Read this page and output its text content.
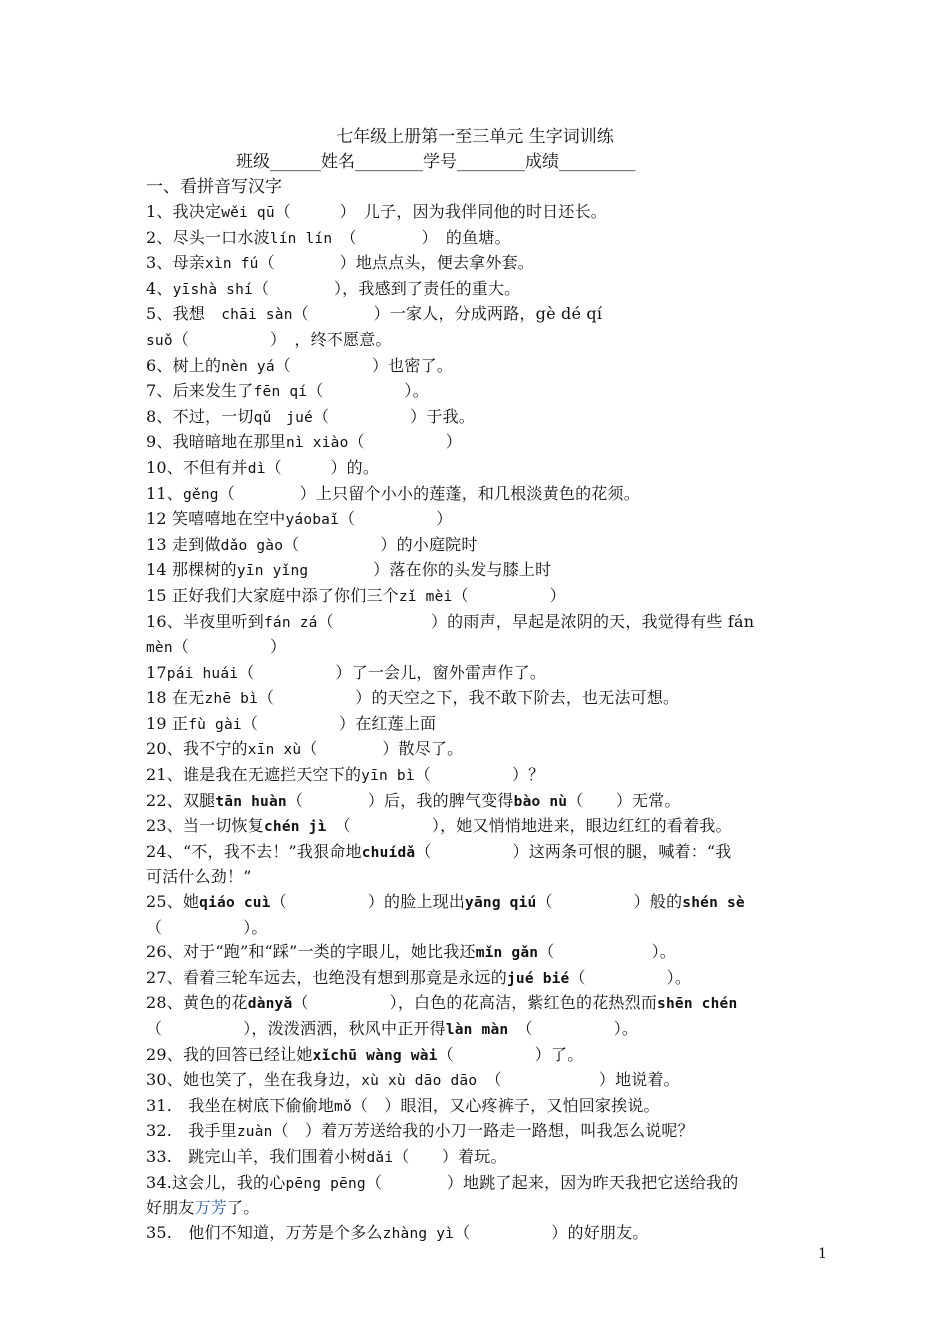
七年级上册第一至三单元 生字词训练
班级______姓名________学号________成绩_________
一、看拼音写汉字
1、我决定wěi qū（　　　）　儿子，因为我伴同他的时日还长。
2、尽头一口水波lín lín　（　　　　）　的鱼塘。
3、母亲xìn fú（　　　　）地点点头，便去拿外套。
4、yīshà shí（　　　　），我感到了责任的重大。
5、我想　chāi sàn（　　　　）一家人，分成两路，gè dé qí
suǒ（　　　　　）　，终不愿意。
6、树上的nèn yá（　　　　　）也密了。
7、后来发生了fēn qí（　　　　　）。
8、不过，一切qǔ　jué（　　　　　）于我。
9、我暗暗地在那里nì xiào（　　　　　）
10、不但有并dì（　　　）的。
11、gěng（　　　　）上只留个小小的莲蓬，和几根淡黄色的花须。
12 笑嘻嘻地在空中yáobaǐ（　　　　　）
13 走到做dǎo gào（　　　　　）的小庭院时
14 那棵树的yīn yǐng　　　　）落在你的头发与膝上时
15 正好我们大家庭中添了你们三个zǐ mèi（　　　　　）
16、半夜里听到fán zá（　　　　　　）的雨声，早起是浓阴的天，我觉得有些 fán
mèn（　　　　　）
17pái huái（　　　　　）了一会儿，窗外雷声作了。
18 在无zhē bì（　　　　　）的天空之下，我不敢下阶去，也无法可想。
19 正fù gài（　　　　　）在红莲上面
20、我不宁的xīn xù（　　　　）散尽了。
21、谁是我在无遮拦天空下的yīn bì（　　　　　）？
22、双腿tān huàn（　　　　）后，我的脾气变得bào nù（　　）无常。
23、当一切恢复chén jì　（　　　　　），她又悄悄地进来，眼边红红的看着我。
24、“不，我不去！”我狠命地chuídǎ（　　　　　）这两条可恨的腿，喊着：“我
可活什么劲！”
25、她qiáo cuì（　　　　　）的脸上现出yāng qiú（　　　　　）般的shén sè
（　　　　　）。
26、对于“跑”和“踩”一类的字眼儿，她比我还mǐn gǎn（　　　　　　）。
27、看着三轮车远去，也绝没有想到那竟是永远的jué bié（　　　　　）。
28、黄色的花dànyǎ（　　　　　），白色的花高洁，紫红色的花热烈而shēn chén
（　　　　　），泼泼洒洒，秋风中正开得làn màn　（　　　　　）。
29、我的回答已经让她xǐchū wàng wài（　　　　　）了。
30、她也笑了，坐在我身边，xù xù dāo dāo　（　　　　　　）地说着。
31.　我坐在树底下偷偷地mǒ（　）眼泪，又心疼裤子，又怕回家挨说。
32.　我手里zuàn（　）着万芳送给我的小刀一路走一路想，叫我怎么说呢？
33.　跳完山羊，我们围着小树dǎi（　　）着玩。
34.这会儿，我的心pēng pēng（　　　　）地跳了起来，因为昨天我把它送给我的
好朋友万芳了。
35.　他们不知道，万芳是个多么zhàng yì（　　　　　）的好朋友。
1
